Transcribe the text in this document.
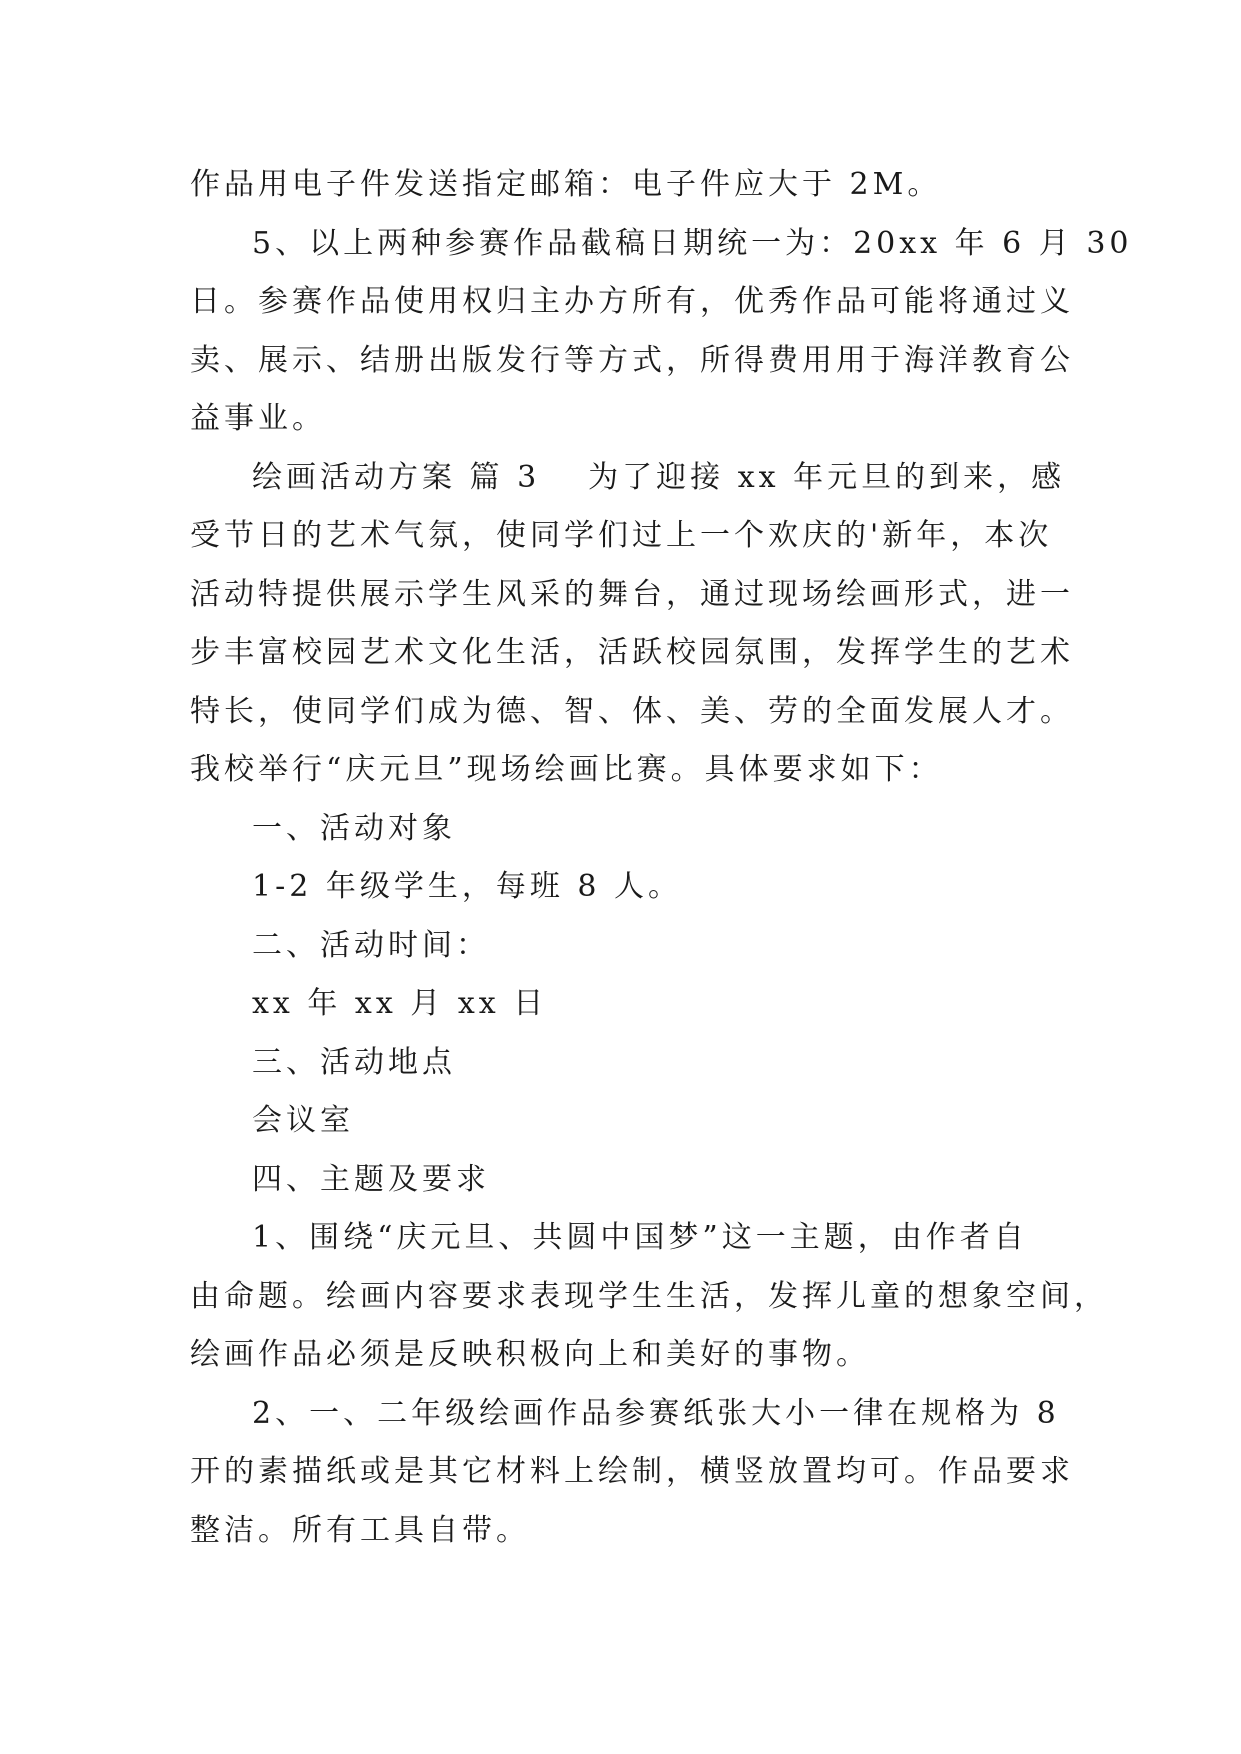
作品用电子件发送指定邮箱：电子件应大于 2M。
5、以上两种参赛作品截稿日期统一为：20xx 年 6 月 30
日。参赛作品使用权归主办方所有，优秀作品可能将通过义
卖、展示、结册出版发行等方式，所得费用用于海洋教育公
益事业。
绘画活动方案 篇 3 为了迎接 xx 年元旦的到来，感
受节日的艺术气氛，使同学们过上一个欢庆的'新年，本次
活动特提供展示学生风采的舞台，通过现场绘画形式，进一
步丰富校园艺术文化生活，活跃校园氛围，发挥学生的艺术
特长，使同学们成为德、智、体、美、劳的全面发展人才。
我校举行“庆元旦”现场绘画比赛。具体要求如下：
一、活动对象
1-2 年级学生，每班 8 人。
二、活动时间：
xx 年 xx 月 xx 日
三、活动地点
会议室
四、主题及要求
1、围绕“庆元旦、共圆中国梦”这一主题，由作者自
由命题。绘画内容要求表现学生生活，发挥儿童的想象空间，
绘画作品必须是反映积极向上和美好的事物。
2、一、二年级绘画作品参赛纸张大小一律在规格为 8
开的素描纸或是其它材料上绘制，横竖放置均可。作品要求
整洁。所有工具自带。
